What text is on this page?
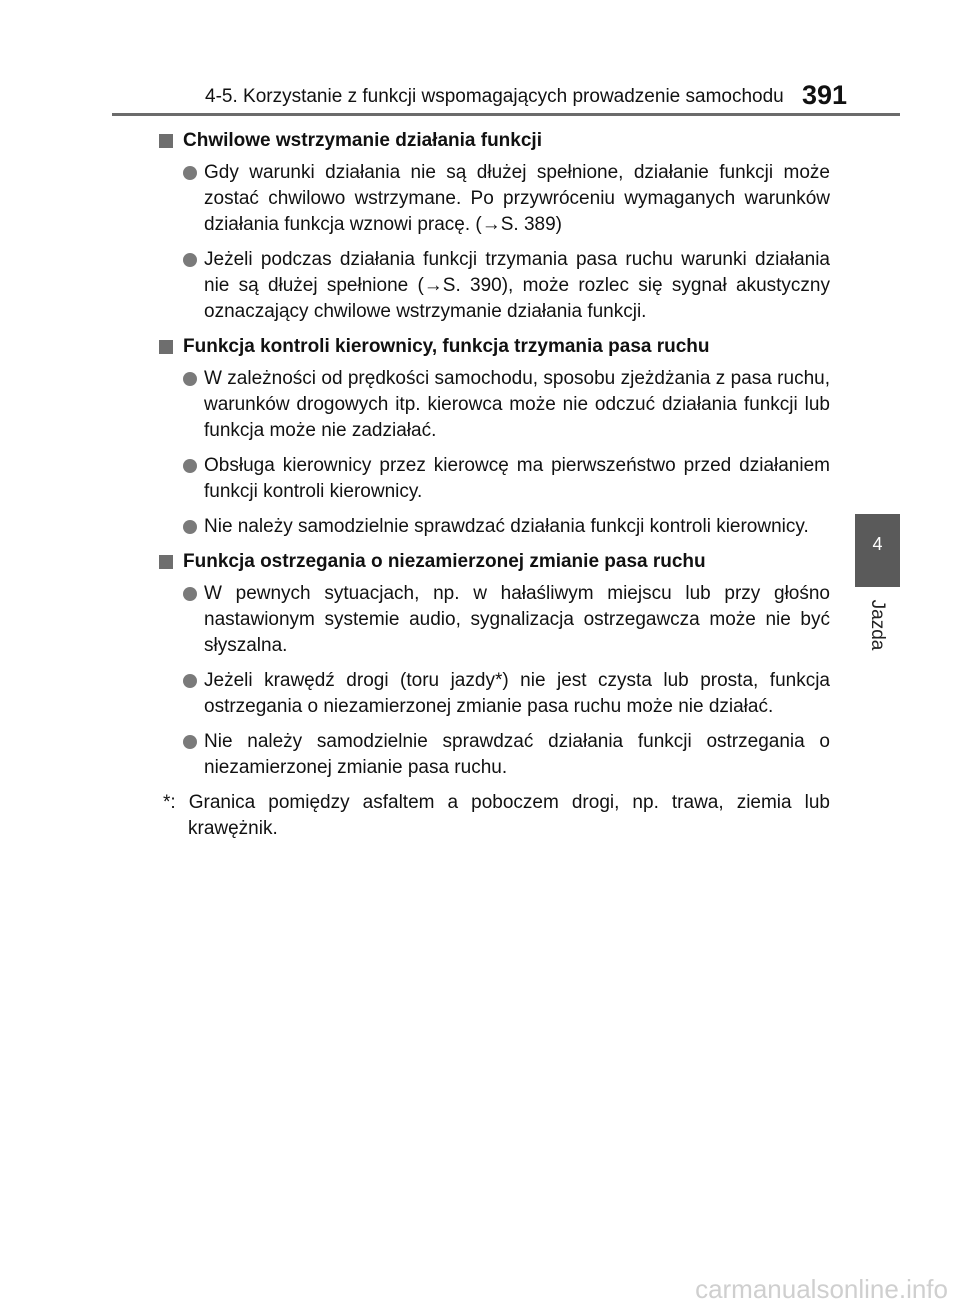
4-5. Korzystanie z funkcji wspomagających prowadzenie samochodu 391
4
Jazda
Chwilowe wstrzymanie działania funkcji
Gdy warunki działania nie są dłużej spełnione, działanie funkcji może zostać chwilowo wstrzymane. Po przywróceniu wymaganych warunków działania funkcja wznowi pracę. (→S. 389)
Jeżeli podczas działania funkcji trzymania pasa ruchu warunki działania nie są dłużej spełnione (→S. 390), może rozlec się sygnał akustyczny oznaczający chwilowe wstrzymanie działania funkcji.
Funkcja kontroli kierownicy, funkcja trzymania pasa ruchu
W zależności od prędkości samochodu, sposobu zjeżdżania z pasa ruchu, warunków drogowych itp. kierowca może nie odczuć działania funkcji lub funkcja może nie zadziałać.
Obsługa kierownicy przez kierowcę ma pierwszeństwo przed działaniem funkcji kontroli kierownicy.
Nie należy samodzielnie sprawdzać działania funkcji kontroli kierownicy.
Funkcja ostrzegania o niezamierzonej zmianie pasa ruchu
W pewnych sytuacjach, np. w hałaśliwym miejscu lub przy głośno nastawionym systemie audio, sygnalizacja ostrzegawcza może nie być słyszalna.
Jeżeli krawędź drogi (toru jazdy*) nie jest czysta lub prosta, funkcja ostrzegania o niezamierzonej zmianie pasa ruchu może nie działać.
Nie należy samodzielnie sprawdzać działania funkcji ostrzegania o niezamierzonej zmianie pasa ruchu.
*: Granica pomiędzy asfaltem a poboczem drogi, np. trawa, ziemia lub krawężnik.
carmanualsonline.info
